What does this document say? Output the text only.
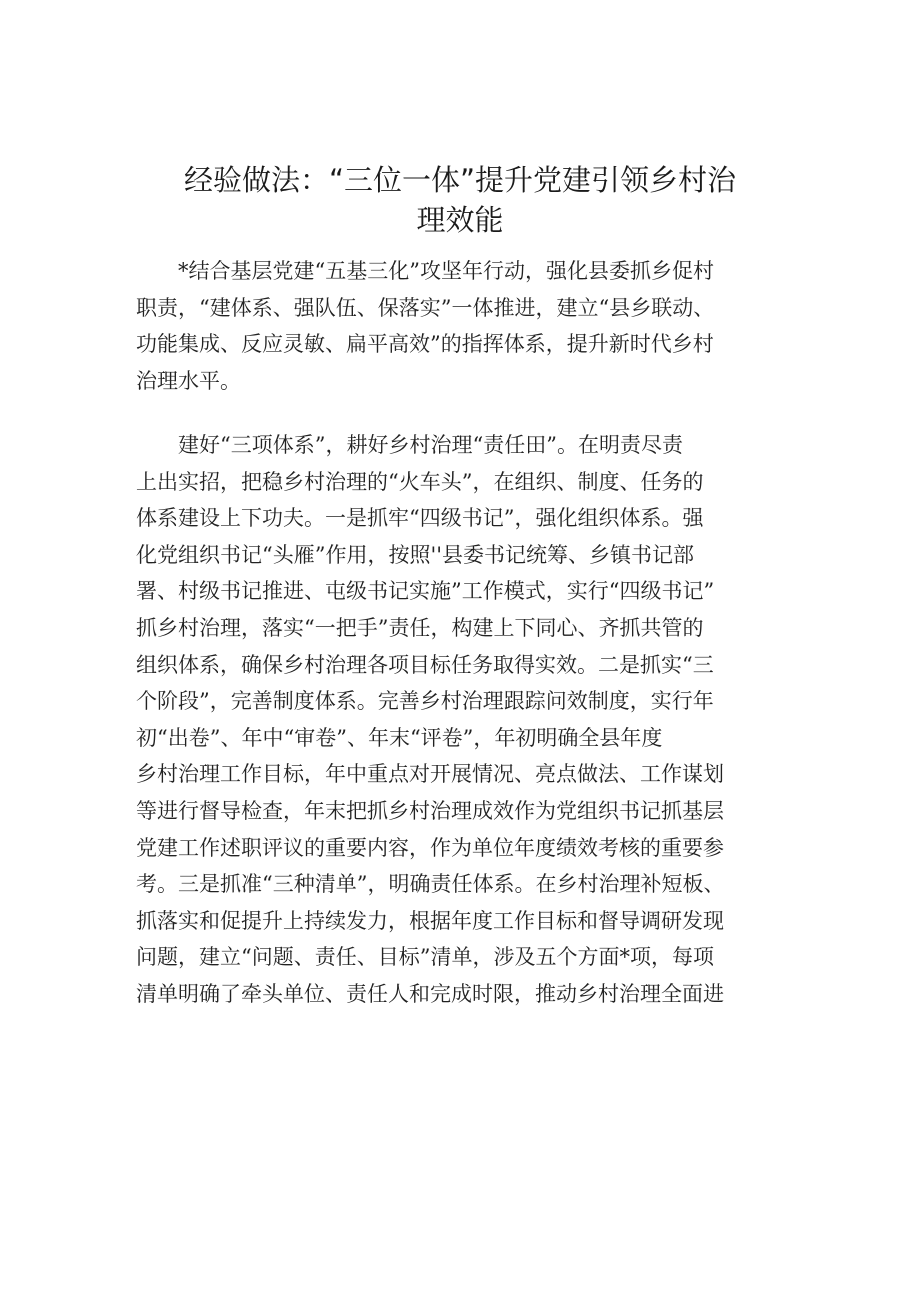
经验做法：“三位一体”提升党建引领乡村治
理效能
　　*结合基层党建“五基三化”攻坚年行动，强化县委抓乡促村
职责，“建体系、强队伍、保落实”一体推进，建立“县乡联动、
功能集成、反应灵敏、扁平高效”的指挥体系，提升新时代乡村
治理水平。
　　建好“三项体系”，耕好乡村治理“责任田”。在明责尽责
上出实招，把稳乡村治理的“火车头”，在组织、制度、任务的
体系建设上下功夫。一是抓牢“四级书记”，强化组织体系。强
化党组织书记“头雁”作用，按照''县委书记统筹、乡镇书记部
署、村级书记推进、屯级书记实施”工作模式，实行“四级书记”
抓乡村治理，落实“一把手”责任，构建上下同心、齐抓共管的
组织体系，确保乡村治理各项目标任务取得实效。二是抓实“三
个阶段”，完善制度体系。完善乡村治理跟踪问效制度，实行年
初“出卷”、年中“审卷”、年末“评卷”，年初明确全县年度
乡村治理工作目标，年中重点对开展情况、亮点做法、工作谋划
等进行督导检查，年末把抓乡村治理成效作为党组织书记抓基层
党建工作述职评议的重要内容，作为单位年度绩效考核的重要参
考。三是抓准“三种清单”，明确责任体系。在乡村治理补短板、
抓落实和促提升上持续发力，根据年度工作目标和督导调研发现
问题，建立“问题、责任、目标”清单，涉及五个方面*项，每项
清单明确了牵头单位、责任人和完成时限，推动乡村治理全面进
